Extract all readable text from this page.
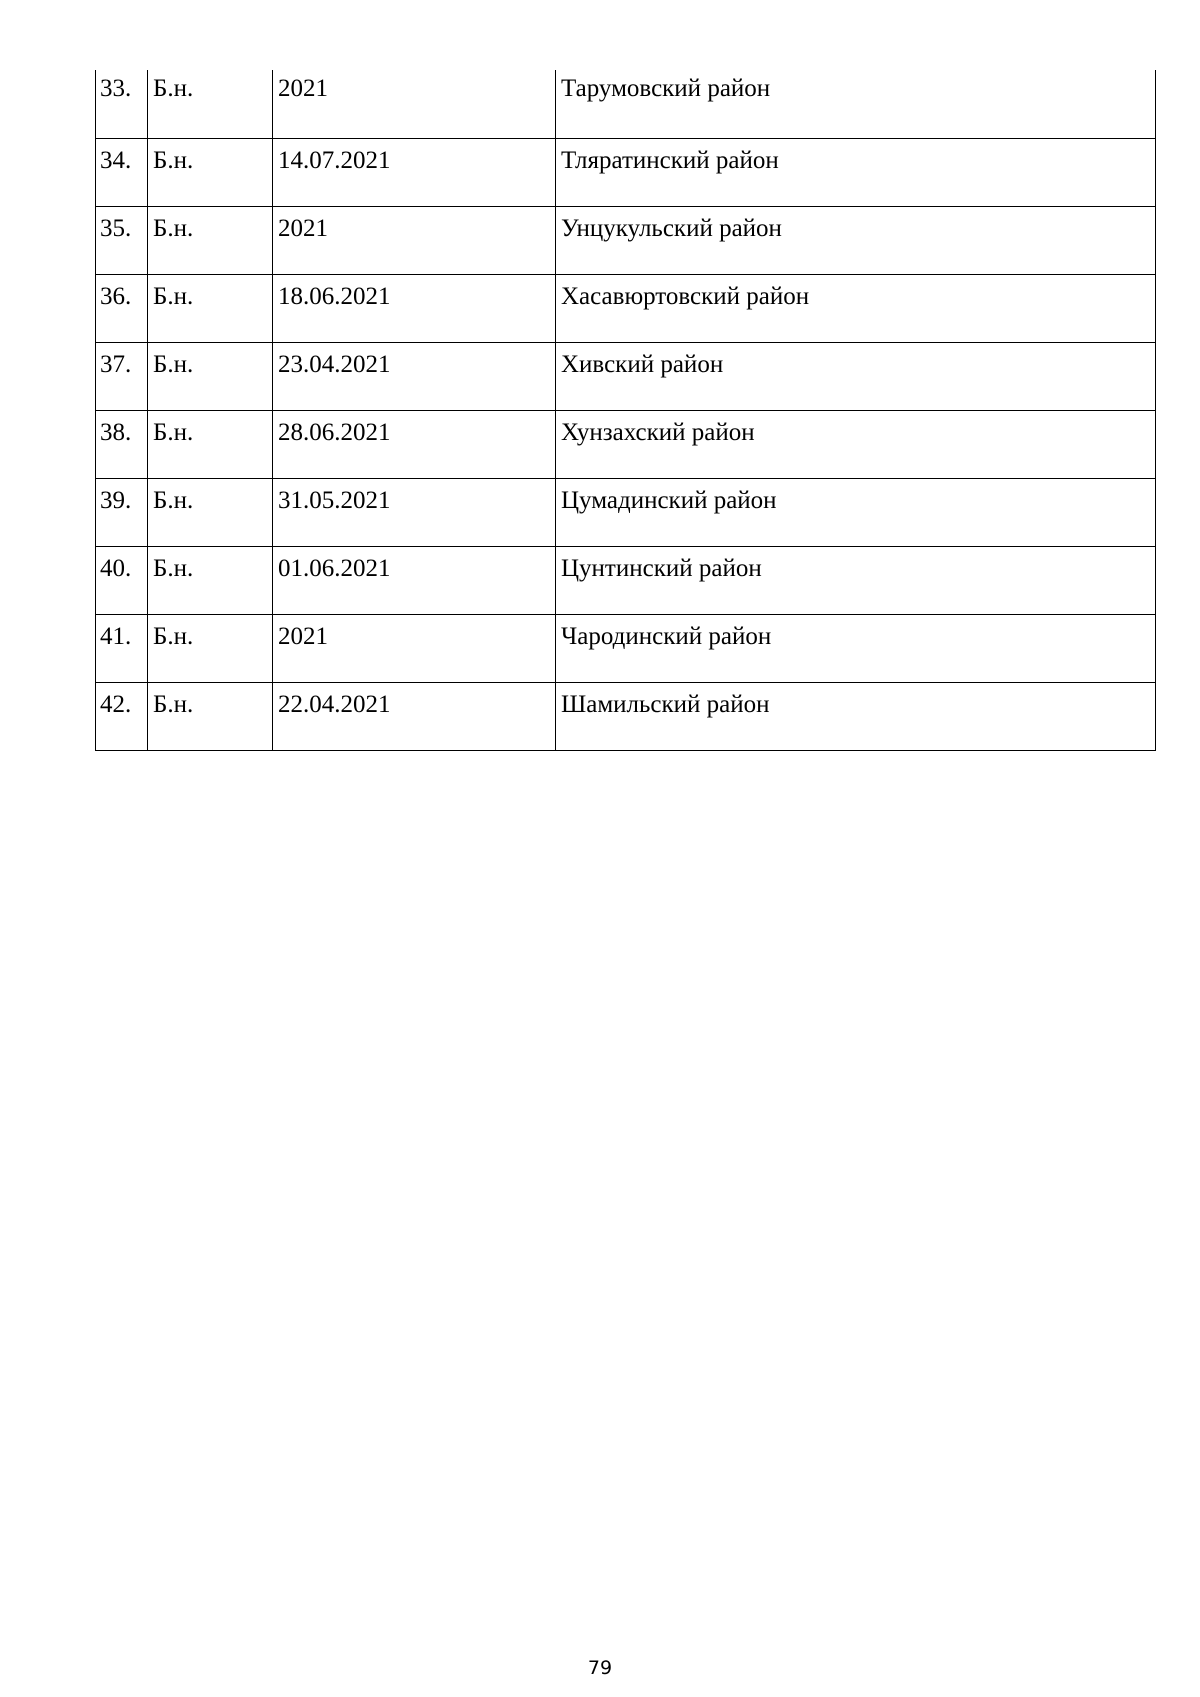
33.	Б.н.	2021	Тарумовский район

34.	Б.н.	14.07.2021	Тляратинский район

35.	Б.н.	2021	Унцукульский район

36.	Б.н.	18.06.2021	Хасавюртовский район

37.	Б.н.	23.04.2021	Хивский район

38.	Б.н.	28.06.2021	Хунзахский район

39.	Б.н.	31.05.2021	Цумадинский район

40.	Б.н.	01.06.2021	Цунтинский район

41.	Б.н.	2021	Чародинский район

42.	Б.н.	22.04.2021	Шамильский район
79
